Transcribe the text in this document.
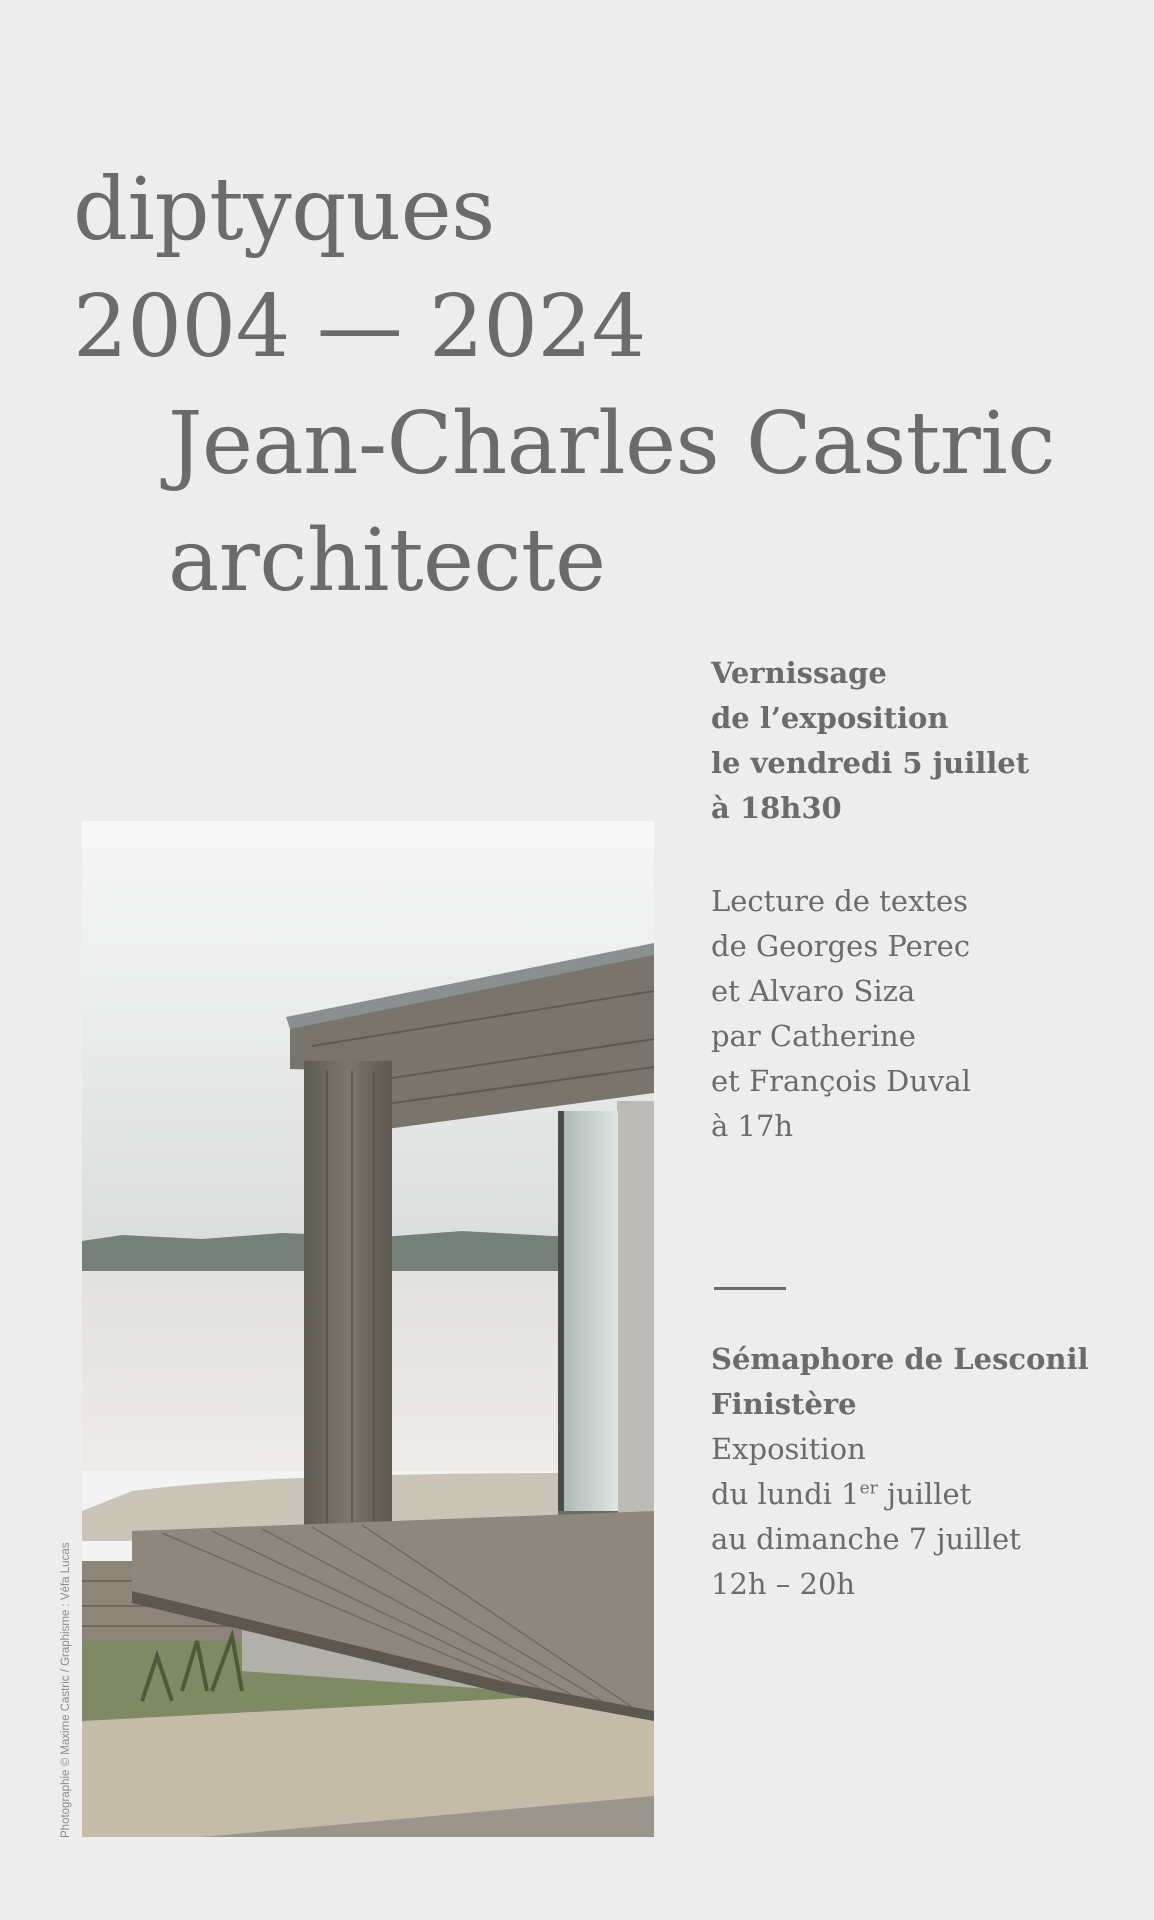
diptyques
2004 — 2024
Jean-Charles Castric
architecte
Photographie © Maxime Castric / Graphisme : Véfa Lucas
Vernissage
de l’exposition
le vendredi 5 juillet
à 18h30
Lecture de textes
de Georges Perec
et Alvaro Siza
par Catherine
et François Duval
à 17h
Sémaphore de Lesconil
Finistère
Exposition
du lundi 1er juillet
au dimanche 7 juillet
12h – 20h
